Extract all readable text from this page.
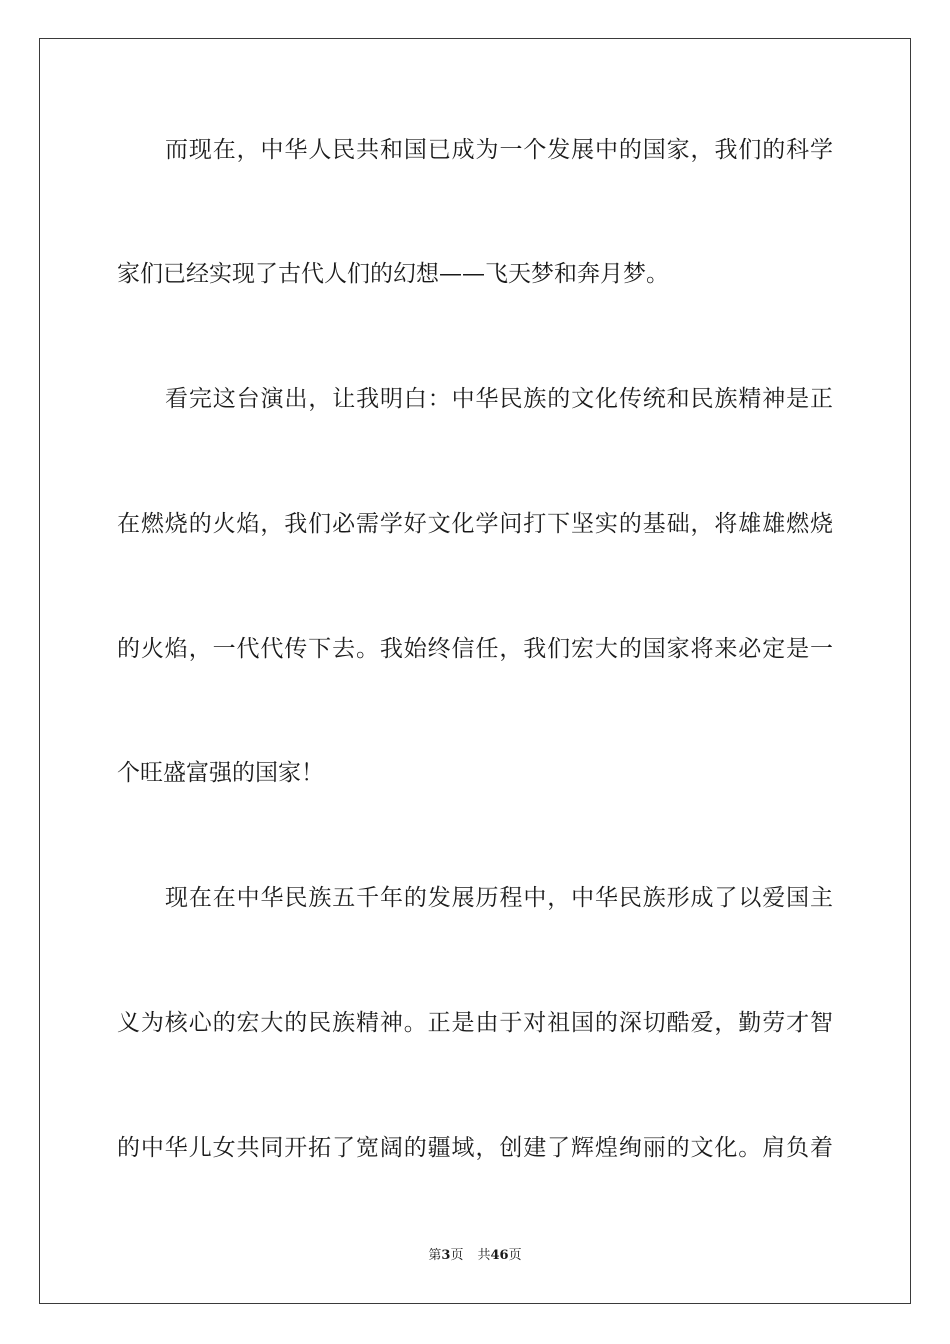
而现在，中华人民共和国已成为一个发展中的国家，我们的科学
家们已经实现了古代人们的幻想——飞天梦和奔月梦。
看完这台演出，让我明白：中华民族的文化传统和民族精神是正
在燃烧的火焰，我们必需学好文化学问打下坚实的基础，将雄雄燃烧
的火焰，一代代传下去。我始终信任，我们宏大的国家将来必定是一
个旺盛富强的国家！
现在在中华民族五千年的发展历程中，中华民族形成了以爱国主
义为核心的宏大的民族精神。正是由于对祖国的深切酷爱，勤劳才智
的中华儿女共同开拓了宽阔的疆域，创建了辉煌绚丽的文化。肩负着
第3页 共46页
